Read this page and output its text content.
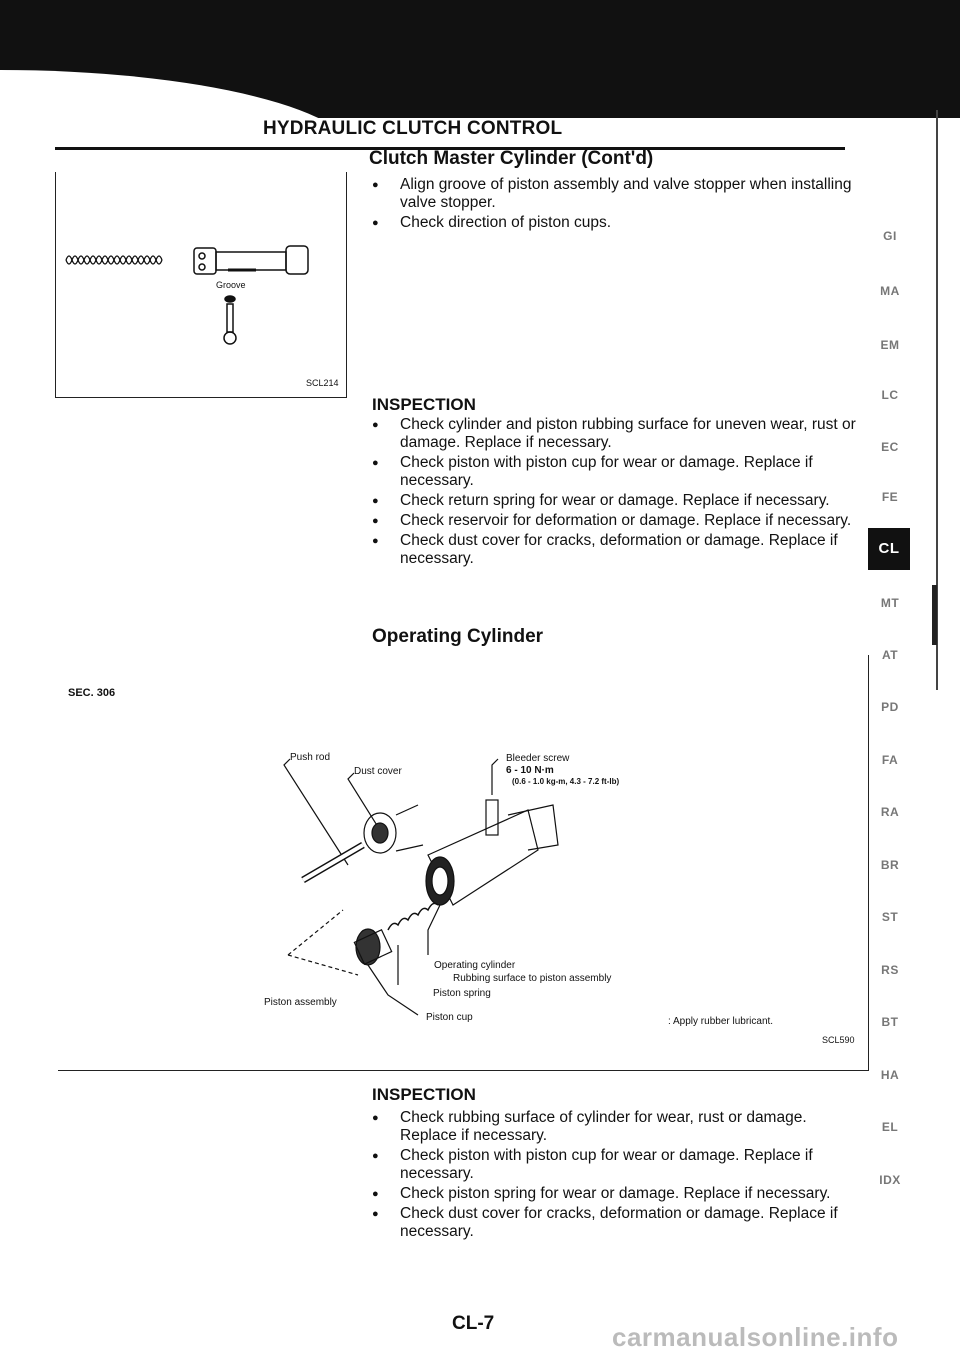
HYDRAULIC CLUTCH CONTROL
Clutch Master Cylinder (Cont'd)
● Align groove of piston assembly and valve stopper when installing valve stopper.
● Check direction of piston cups.
Groove
SCL214
INSPECTION
● Check cylinder and piston rubbing surface for uneven wear, rust or damage. Replace if necessary.
● Check piston with piston cup for wear or damage. Replace if necessary.
● Check return spring for wear or damage. Replace if necessary.
● Check reservoir for deformation or damage. Replace if necessary.
● Check dust cover for cracks, deformation or damage. Replace if necessary.
Operating Cylinder
SEC. 306
Push rod
Dust cover
Bleeder screw
6 - 10 N·m
(0.6 - 1.0 kg-m, 4.3 - 7.2 ft-lb)
Operating cylinder
Rubbing surface to piston assembly
Piston spring
Piston assembly
Piston cup	: Apply rubber lubricant.
SCL590
INSPECTION
● Check rubbing surface of cylinder for wear, rust or damage. Replace if necessary.
● Check piston with piston cup for wear or damage. Replace if necessary.
● Check piston spring for wear or damage. Replace if necessary.
● Check dust cover for cracks, deformation or damage. Replace if necessary.
GI
MA
EM
LC
EC
FE
CL
MT
AT
PD
FA
RA
BR
ST
RS
BT
HA
EL
IDX
CL-7	carmanualsonline.info
